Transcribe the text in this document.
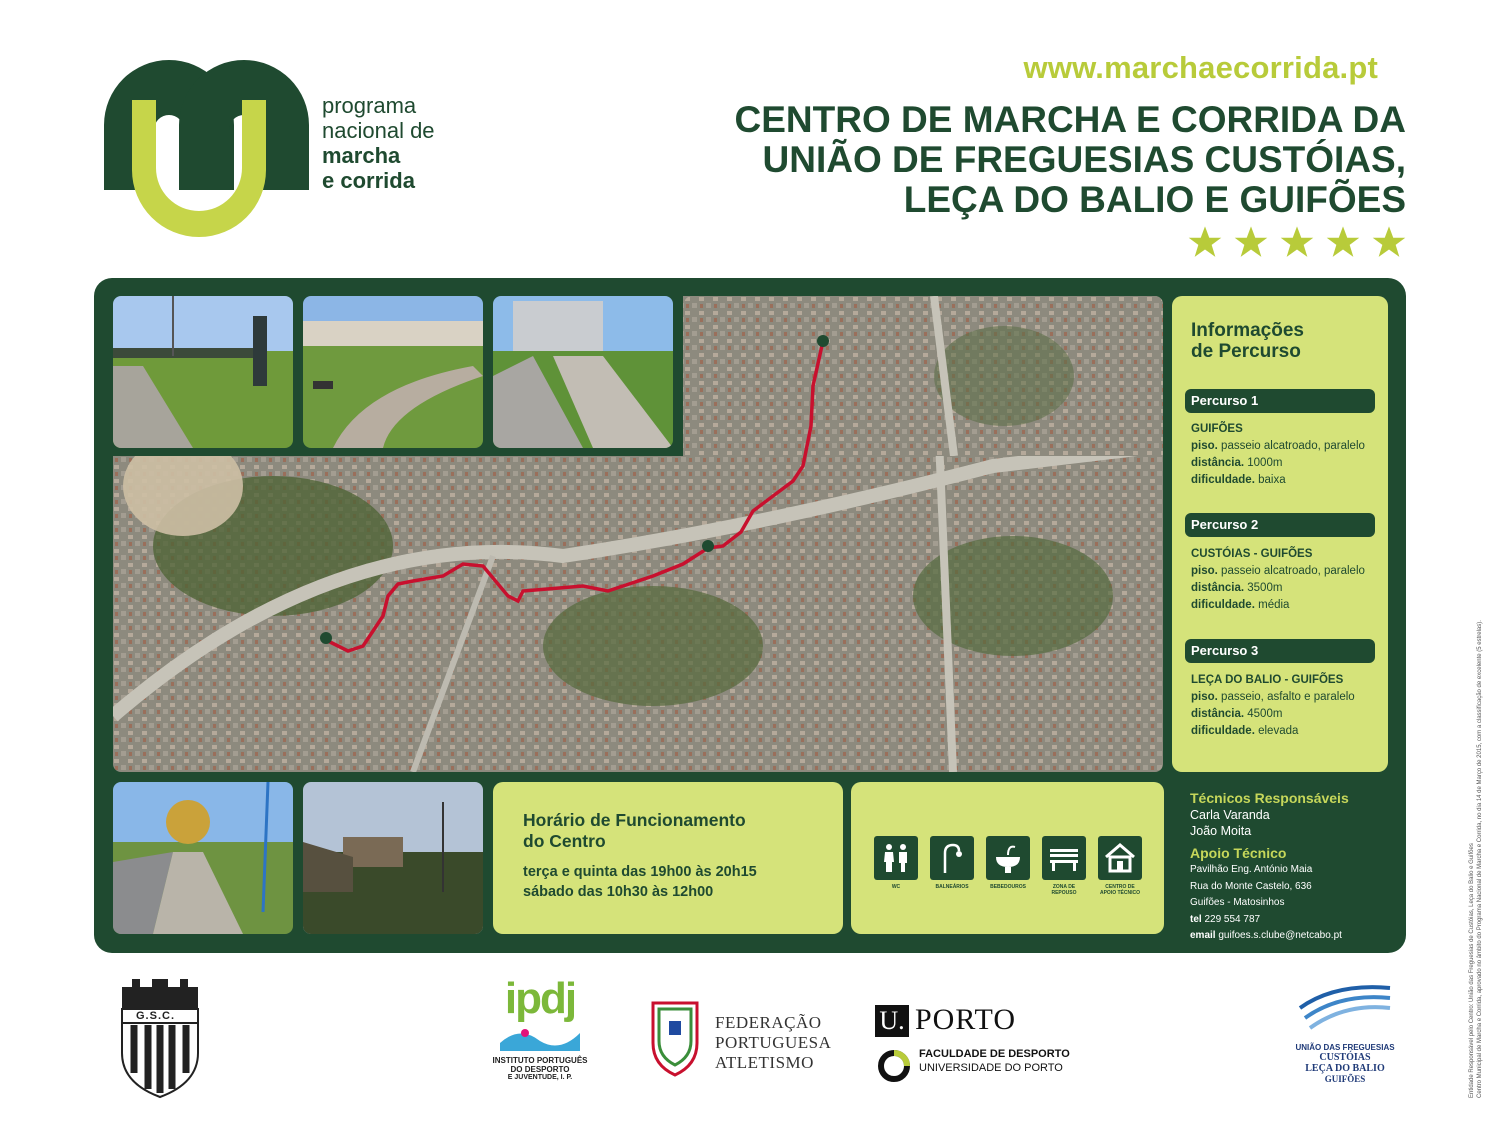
programa
nacional de
marcha
e corrida
www.marchaecorrida.pt
CENTRO DE MARCHA E CORRIDA DA
UNIÃO DE FREGUESIAS CUSTÓIAS,
LEÇA DO BALIO E GUIFÕES
Informações
de Percurso
Percurso 1
GUIFÕES
piso. passeio alcatroado, paralelo
distância. 1000m
dificuldade. baixa
Percurso 2
CUSTÓIAS - GUIFÕES
piso. passeio alcatroado, paralelo
distância. 3500m
dificuldade. média
Percurso 3
LEÇA DO BALIO - GUIFÕES
piso. passeio, asfalto e paralelo
distância. 4500m
dificuldade. elevada
Horário de Funcionamento
do Centro

terça e quinta das 19h00 às 20h15

sábado das 10h30 às 12h00	WC	BALNEÁRIOS	BEBEDOUROS	ZONA DE REPOUSO
CENTRO DE APOIO TÉCNICO
Técnicos Responsáveis
Carla Varanda
João Moita
Apoio Técnico
Pavilhão Eng. António Maia
Rua do Monte Castelo, 636
Guifões - Matosinhos
tel 229 554 787
email guifoes.s.clube@netcabo.pt	Entidade Responsável pelo Centro: União das Freguesias de Custóias, Leça do Balio e Guifões Centro Municipal de Marcha e Corrida, aprovado no âmbito do Programa Nacional de Marcha e Corrida, no dia 14 de Março de 2015, com a classificação de excelente (5 estrelas).
G.S.C.	ipdj
INSTITUTO PORTUGUÊS
DO DESPORTO
E JUVENTUDE, I. P.
FEDERAÇÃO
PORTUGUESA
ATLETISMO
U. PORTO
FACULDADE DE DESPORTO
UNIVERSIDADE DO PORTO
UNIÃO DAS FREGUESIAS
CUSTÓIAS
LEÇA DO BALIO
GUIFÕES
